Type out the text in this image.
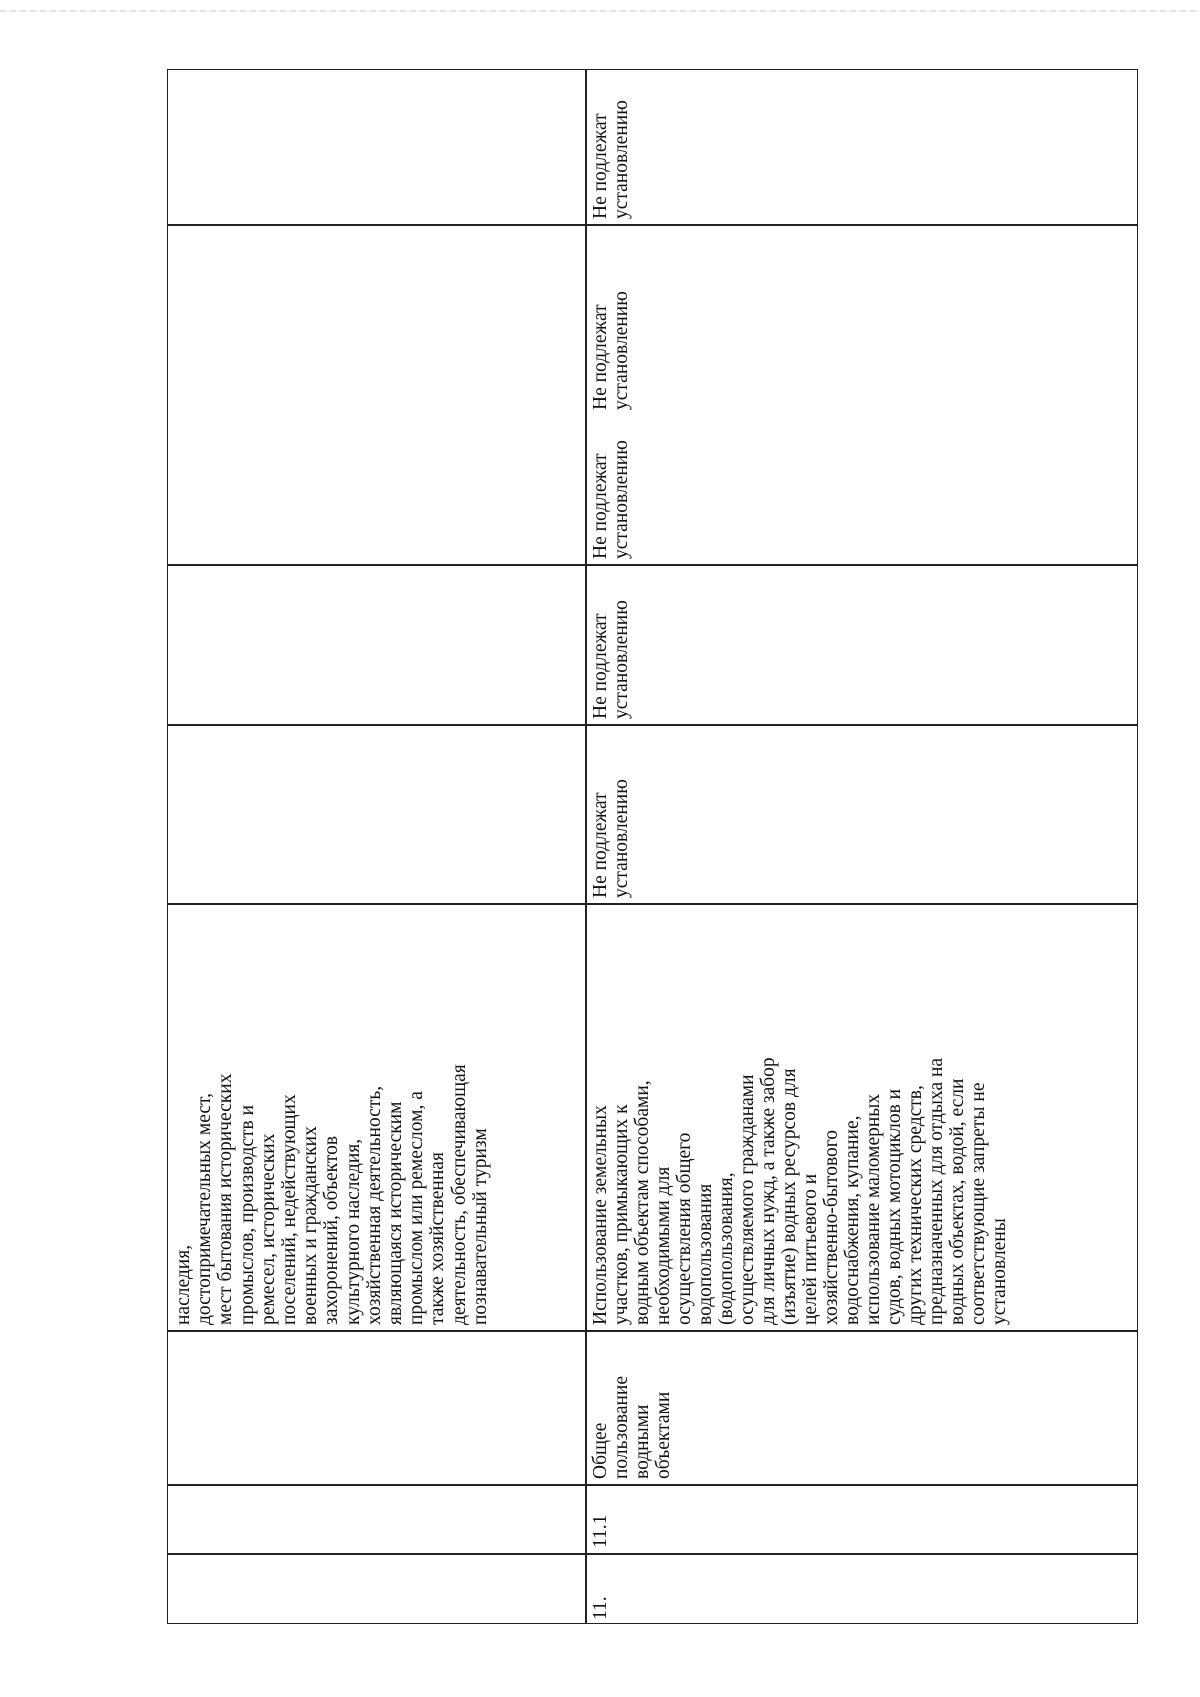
наследия,
достопримечательных мест,
мест бытования исторических
промыслов, производств и
ремесел, исторических
поселений, недействующих
военных и гражданских
захоронений, объектов
культурного наследия,
хозяйственная деятельность,
являющаяся историческим
промыслом или ремеслом, а
также хозяйственная
деятельность, обеспечивающая
познавательный туризм
11.
11.1
Общее
пользование
водными
объектами
Использование земельных
участков, примыкающих к
водным объектам способами,
необходимыми для
осуществления общего
водопользования
(водопользования,
осуществляемого гражданами
для личных нужд, а также забор
(изъятие) водных ресурсов для
целей питьевого и
хозяйственно-бытового
водоснабжения, купание,
использование маломерных
судов, водных мотоциклов и
других технических средств,
предназначенных для отдыха на
водных объектах, водой, если
соответствующие запреты не
установлены
Не подлежат
установлению
Не подлежат
установлению
Не подлежат
установлению
Не подлежат
установлению
Не подлежат
установлению
